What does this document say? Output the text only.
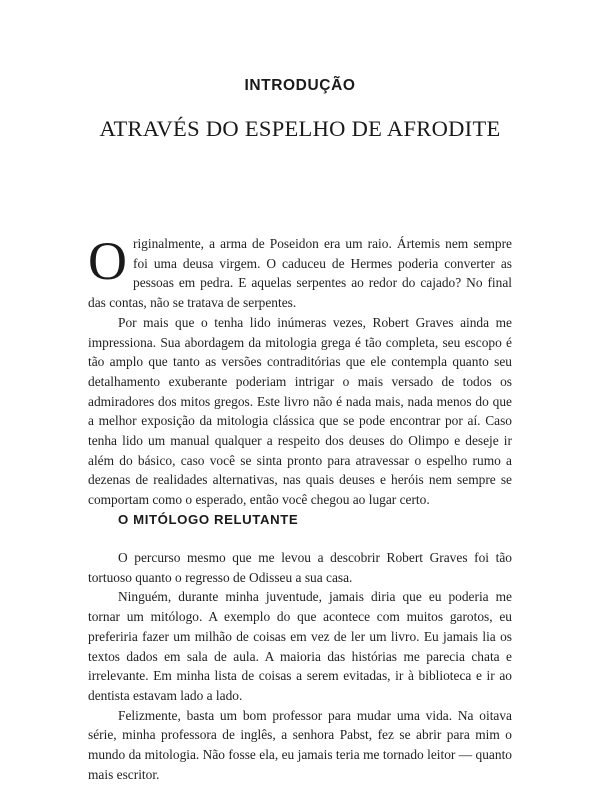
INTRODUÇÃO
ATRAVÉS DO ESPELHO DE AFRODITE

Originalmente, a arma de Poseidon era um raio. Ártemis nem sempre foi uma deusa virgem. O caduceu de Hermes poderia converter as pessoas em pedra. E aquelas serpentes ao redor do cajado? No final das contas, não se tratava de serpentes.

Por mais que o tenha lido inúmeras vezes, Robert Graves ainda me impressiona. Sua abordagem da mitologia grega é tão completa, seu escopo é tão amplo que tanto as versões contraditórias que ele contempla quanto seu detalhamento exuberante poderiam intrigar o mais versado de todos os admiradores dos mitos gregos. Este livro não é nada mais, nada menos do que a melhor exposição da mitologia clássica que se pode encontrar por aí. Caso tenha lido um manual qualquer a respeito dos deuses do Olimpo e deseje ir além do básico, caso você se sinta pronto para atravessar o espelho rumo a dezenas de realidades alternativas, nas quais deuses e heróis nem sempre se comportam como o esperado, então você chegou ao lugar certo.

O MITÓLOGO RELUTANTE

O percurso mesmo que me levou a descobrir Robert Graves foi tão tortuoso quanto o regresso de Odisseu a sua casa.

Ninguém, durante minha juventude, jamais diria que eu poderia me tornar um mitólogo. A exemplo do que acontece com muitos garotos, eu preferiria fazer um milhão de coisas em vez de ler um livro. Eu jamais lia os textos dados em sala de aula. A maioria das histórias me parecia chata e irrelevante. Em minha lista de coisas a serem evitadas, ir à biblioteca e ir ao dentista estavam lado a lado.

Felizmente, basta um bom professor para mudar uma vida. Na oitava série, minha professora de inglês, a senhora Pabst, fez se abrir para mim o mundo da mitologia. Não fosse ela, eu jamais teria me tornado leitor — quanto mais escritor.
